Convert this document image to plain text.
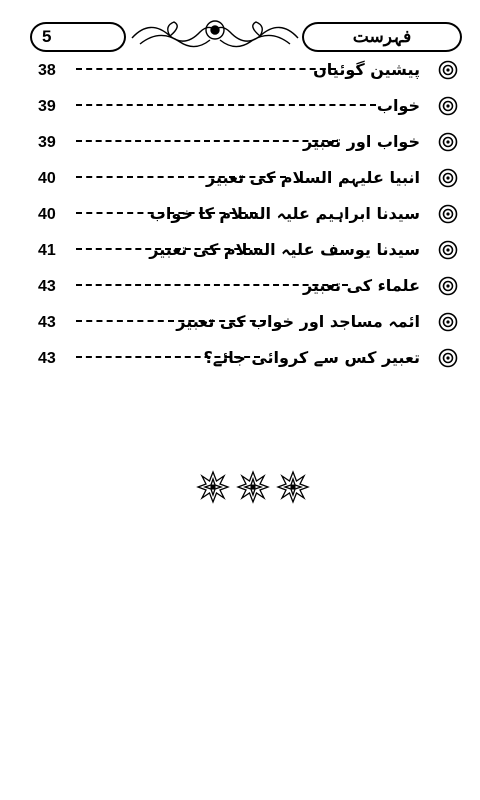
5	فہرست
38	پیشین گوئیاں
39	خواب
39	خواب اور تعبیر
40	انبیا علیہم السلام کی تعبیر
40	سیدنا ابراہیم علیہ السلام کا خواب
41	سیدنا یوسف علیہ السلام کی تعبیر
43	علماء کی تعبیر
43	ائمہ مساجد اور خواب کی تعبیر
43	تعبیر کس سے کروائی جائے؟
